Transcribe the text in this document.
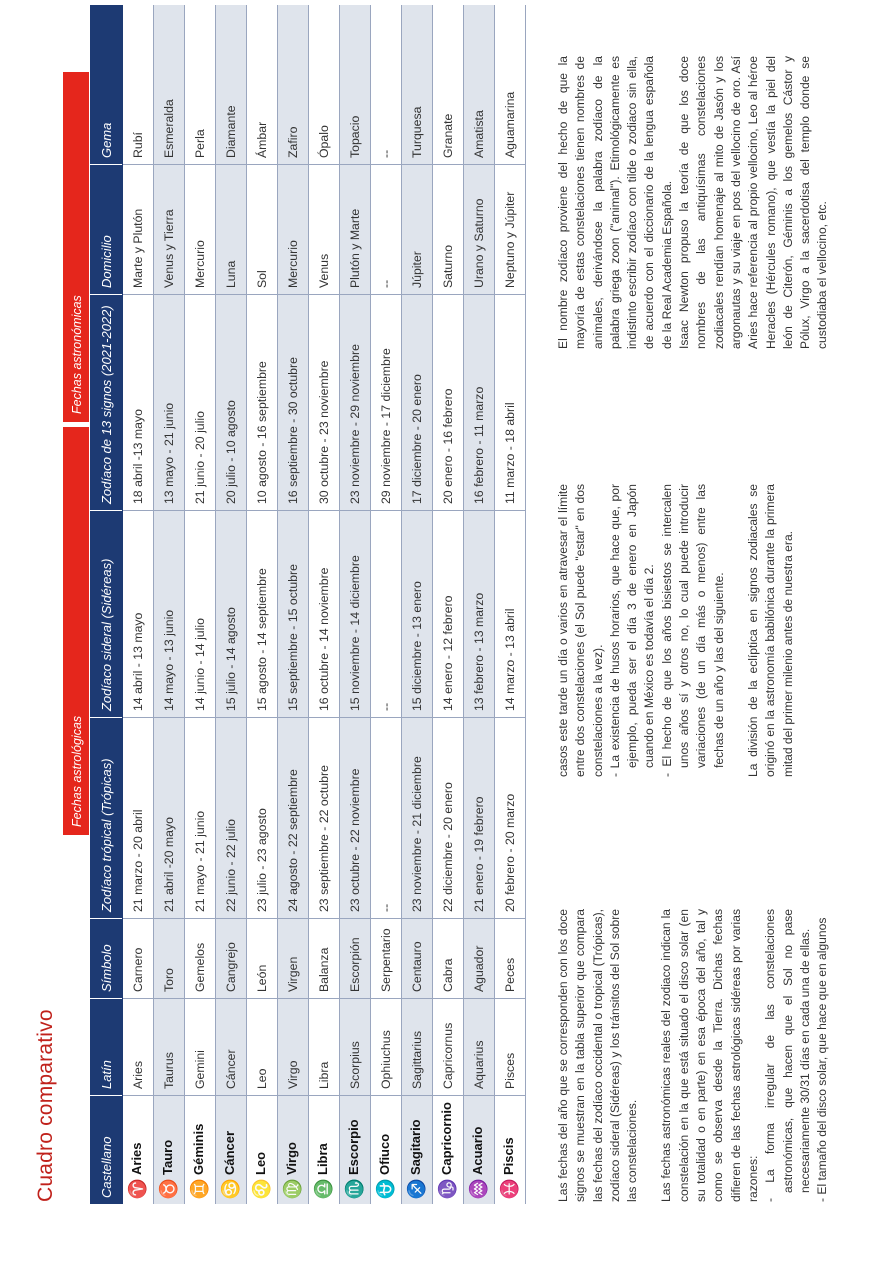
Cuadro comparativo
Fechas astrológicas
Fechas astronómicas
Castellano	Latín	Símbolo	Zodíaco trópical (Trópicas)	Zodíaco sideral (Sidéreas)	Zodíaco de 13 signos (2021-2022)	Domicilio	Gema
♈Aries	Aries	Carnero	21 marzo - 20 abril	14 abril - 13 mayo	18 abril -13 mayo	Marte y Plutón	Rubí
♉Tauro	Taurus	Toro	21 abril -20 mayo	14 mayo - 13 junio	13 mayo - 21 junio	Venus y Tierra	Esmeralda
♊Géminis	Gemini	Gemelos	21 mayo - 21 junio	14 junio - 14 julio	21 junio - 20 julio	Mercurio	Perla
♋Cáncer	Cáncer	Cangrejo	22 junio - 22 julio	15 julio - 14 agosto	20 julio - 10 agosto	Luna	Diamante
♌Leo	Leo	León	23 julio - 23 agosto	15 agosto - 14 septiembre	10 agosto - 16 septiembre	Sol	Ámbar
♍Virgo	Virgo	Virgen	24 agosto - 22 septiembre	15 septiembre - 15 octubre	16 septiembre - 30 octubre	Mercurio	Zafiro
♎Libra	Libra	Balanza	23 septiembre - 22 octubre	16 octubre - 14 noviembre	30 octubre - 23 noviembre	Venus	Ópalo
♏Escorpio	Scorpius	Escorpión	23 octubre - 22 noviembre	15 noviembre - 14 diciembre	23 noviembre - 29 noviembre	Plutón y Marte	Topacio
⛎Ofiuco	Ophiuchus	Serpentario	--	--	29 noviembre - 17 diciembre	--	--
♐Sagitario	Sagittarius	Centauro	23 noviembre - 21 diciembre	15 diciembre - 13 enero	17 diciembre - 20 enero	Júpiter	Turquesa
♑Capricornio	Capricornus	Cabra	22 diciembre - 20 enero	14 enero - 12 febrero	20 enero - 16 febrero	Saturno	Granate
♒Acuario	Aquarius	Aguador	21 enero - 19 febrero	13 febrero - 13 marzo	16 febrero - 11 marzo	Urano y Saturno	Amatista
♓Piscis	Pisces	Peces	20 febrero - 20 marzo	14 marzo - 13 abril	11 marzo - 18 abril	Neptuno y Júpiter	Aguamarina

Las fechas del año que se corresponden con los doce signos se muestran en la tabla superior que compara las fechas del zodíaco occidental o tropical (Trópicas), zodíaco sideral (Sidéreas) y los tránsitos del Sol sobre las constelaciones. Las fechas astronómicas reales del zodiaco indican la constelación en la que está situado el disco solar (en su totalidad o en parte) en esa época del año, tal y como se observa desde la Tierra. Dichas fechas difieren de las fechas astrológicas sidéreas por varias razones: - La forma irregular de las constelaciones astronómicas, que hacen que el Sol no pase necesariamente 30/31 días en cada una de ellas. - El tamaño del disco solar, que hace que en algunos

casos este tarde un día o varios en atravesar el límite entre dos constelaciones (el Sol puede "estar" en dos constelaciones a la vez). - La existencia de husos horarios, que hace que, por ejemplo, pueda ser el día 3 de enero en Japón cuando en México es todavía el día 2. - El hecho de que los años bisiestos se intercalen unos años sí y otros no, lo cual puede introducir variaciones (de un día más o menos) entre las fechas de un año y las del siguiente. La división de la eclíptica en signos zodiacales se originó en la astronomía babilónica durante la primera mitad del primer milenio antes de nuestra era.

El nombre zodíaco proviene del hecho de que la mayoría de estas constelaciones tienen nombres de animales, derivándose la palabra zodíaco de la palabra griega zoon ("animal"). Etimológicamente es indistinto escribir zodíaco con tilde o zodiaco sin ella, de acuerdo con el diccionario de la lengua española de la Real Academia Española. Isaac Newton propuso la teoría de que los doce nombres de las antiquísimas constelaciones zodiacales rendían homenaje al mito de Jasón y los argonautas y su viaje en pos del vellocino de oro. Así Aries hace referencia al propio vellocino, Leo al héroe Heracles (Hércules romano), que vestía la piel del león de Citerón, Géminis a los gemelos Cástor y Pólux, Virgo a la sacerdotisa del templo donde se custodiaba el vellocino, etc.
